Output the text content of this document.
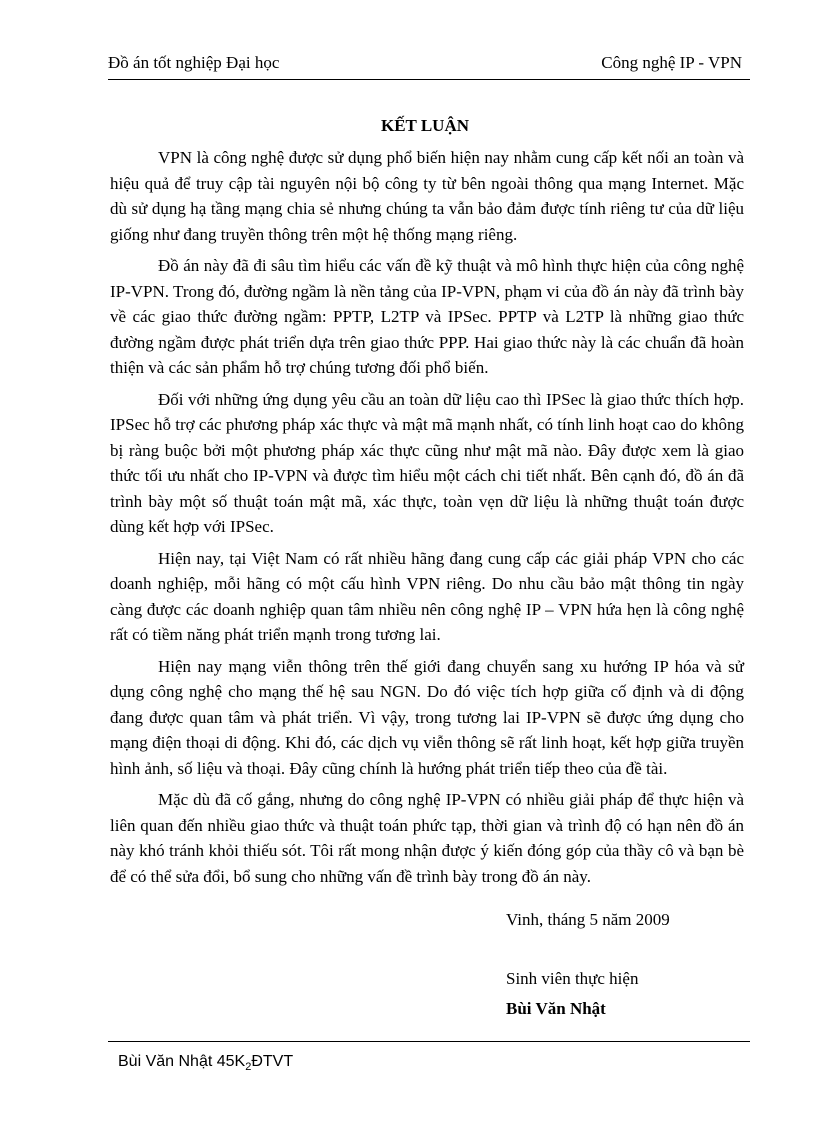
Đồ án tốt nghiệp Đại học	Công nghệ IP - VPN
KẾT LUẬN

VPN là công nghệ được sử dụng phổ biến hiện nay nhằm cung cấp kết nối an toàn và hiệu quả để truy cập tài nguyên nội bộ công ty từ bên ngoài thông qua mạng Internet. Mặc dù sử dụng hạ tầng mạng chia sẻ nhưng chúng ta vẫn bảo đảm được tính riêng tư của dữ liệu giống như đang truyền thông trên một hệ thống mạng riêng.

Đồ án này đã đi sâu tìm hiểu các vấn đề kỹ thuật và mô hình thực hiện của công nghệ IP-VPN. Trong đó, đường ngầm là nền tảng của IP-VPN, phạm vi của đồ án này đã trình bày về các giao thức đường ngầm: PPTP, L2TP và IPSec. PPTP và L2TP là những giao thức đường ngầm được phát triển dựa trên giao thức PPP. Hai giao thức này là các chuẩn đã hoàn thiện và các sản phẩm hỗ trợ chúng tương đối phổ biến.

Đối với những ứng dụng yêu cầu an toàn dữ liệu cao thì IPSec là giao thức thích hợp. IPSec hỗ trợ các phương pháp xác thực và mật mã mạnh nhất, có tính linh hoạt cao do không bị ràng buộc bởi một phương pháp xác thực cũng như mật mã nào. Đây được xem là giao thức tối ưu nhất cho IP-VPN và được tìm hiểu một cách chi tiết nhất. Bên cạnh đó, đồ án đã trình bày một số thuật toán mật mã, xác thực, toàn vẹn dữ liệu là những thuật toán được dùng kết hợp với IPSec.

Hiện nay, tại Việt Nam có rất nhiều hãng đang cung cấp các giải pháp VPN cho các doanh nghiệp, mỗi hãng có một cấu hình VPN riêng. Do nhu cầu bảo mật thông tin ngày càng được các doanh nghiệp quan tâm nhiều nên công nghệ IP – VPN hứa hẹn là công nghệ rất có tiềm năng phát triển mạnh trong tương lai.

Hiện nay mạng viễn thông trên thế giới đang chuyển sang xu hướng IP hóa và sử dụng công nghệ cho mạng thế hệ sau NGN. Do đó việc tích hợp giữa cố định và di động đang được quan tâm và phát triển. Vì vậy, trong tương lai IP-VPN sẽ được ứng dụng cho mạng điện thoại di động. Khi đó, các dịch vụ viễn thông sẽ rất linh hoạt, kết hợp giữa truyền hình ảnh, số liệu và thoại. Đây cũng chính là hướng phát triển tiếp theo của đề tài.

Mặc dù đã cố gắng, nhưng do công nghệ IP-VPN có nhiều giải pháp để thực hiện và liên quan đến nhiều giao thức và thuật toán phức tạp, thời gian và trình độ có hạn nên đồ án này khó tránh khỏi thiếu sót. Tôi rất mong nhận được ý kiến đóng góp của thầy cô và bạn bè để có thể sửa đổi, bổ sung cho những vấn đề trình bày trong đồ án này.

Vinh, tháng 5 năm 2009
Sinh viên thực hiện
Bùi Văn Nhật
Bùi Văn Nhật $45K_2ĐTVT$
